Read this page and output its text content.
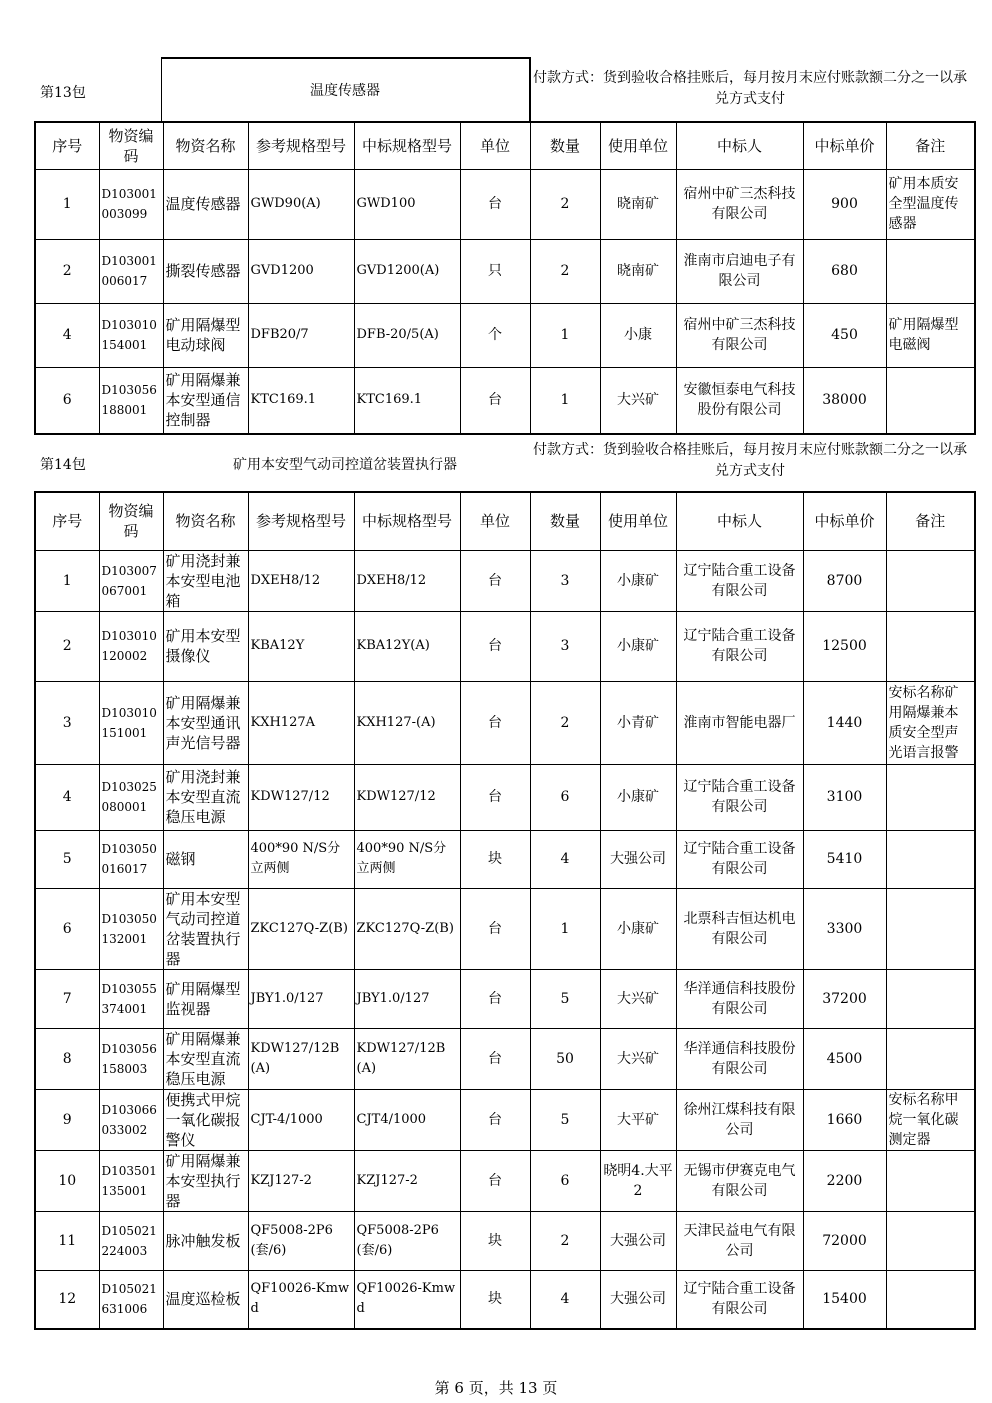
第13包	温度传感器
付款方式：货到验收合格挂账后，每月按月末应付账款额二分之一以承兑方式支付
序号	物资编码	物资名称	参考规格型号	中标规格型号	单位	数量	使用单位	中标人	中标单价	备注
1	D103001003099	温度传感器	GWD90(A)	GWD100	台	2	晓南矿	宿州中矿三杰科技有限公司	900	矿用本质安全型温度传感器
2	D103001006017	撕裂传感器	GVD1200	GVD1200(A)	只	2	晓南矿	淮南市启迪电子有限公司	680	
4	D103010154001	矿用隔爆型电动球阀	DFB20/7	DFB-20/5(A)	个	1	小康	宿州中矿三杰科技有限公司	450	矿用隔爆型电磁阀
6	D103056188001	矿用隔爆兼本安型通信控制器	KTC169.1	KTC169.1	台	1	大兴矿	安徽恒泰电气科技股份有限公司	38000	
第14包	矿用本安型气动司控道岔装置执行器
付款方式：货到验收合格挂账后，每月按月末应付账款额二分之一以承兑方式支付
序号	物资编码	物资名称	参考规格型号	中标规格型号	单位	数量	使用单位	中标人	中标单价	备注
1	D103007067001	矿用浇封兼本安型电池箱	DXEH8/12	DXEH8/12	台	3	小康矿	辽宁陆合重工设备有限公司	8700	
2	D103010120002	矿用本安型摄像仪	KBA12Y	KBA12Y(A)	台	3	小康矿	辽宁陆合重工设备有限公司	12500	
3	D103010151001	矿用隔爆兼本安型通讯声光信号器	KXH127A	KXH127-(A)	台	2	小青矿	淮南市智能电器厂	1440	安标名称矿用隔爆兼本质安全型声光语言报警
4	D103025080001	矿用浇封兼本安型直流稳压电源	KDW127/12	KDW127/12	台	6	小康矿	辽宁陆合重工设备有限公司	3100	
5	D103050016017	磁钢	400*90 N/S分立两侧	400*90 N/S分立两侧	块	4	大强公司	辽宁陆合重工设备有限公司	5410	
6	D103050132001	矿用本安型气动司控道岔装置执行器	ZKC127Q-Z(B)	ZKC127Q-Z(B)	台	1	小康矿	北票科吉恒达机电有限公司	3300	
7	D103055374001	矿用隔爆型监视器	JBY1.0/127	JBY1.0/127	台	5	大兴矿	华洋通信科技股份有限公司	37200	
8	D103056158003	矿用隔爆兼本安型直流稳压电源	KDW127/12B(A)	KDW127/12B(A)	台	50	大兴矿	华洋通信科技股份有限公司	4500	
9	D103066033002	便携式甲烷一氧化碳报警仪	CJT-4/1000	CJT4/1000	台	5	大平矿	徐州江煤科技有限公司	1660	安标名称甲烷一氧化碳测定器
10	D103501135001	矿用隔爆兼本安型执行器	KZJ127-2	KZJ127-2	台	6	晓明4.大平2	无锡市伊赛克电气有限公司	2200	
11	D105021224003	脉冲触发板	QF5008-2P6(套/6)	QF5008-2P6(套/6)	块	2	大强公司	天津民益电气有限公司	72000	
12	D105021631006	温度巡检板	QF10026-Kmwd	QF10026-Kmwd	块	4	大强公司	辽宁陆合重工设备有限公司	15400	
第 6 页，共 13 页
